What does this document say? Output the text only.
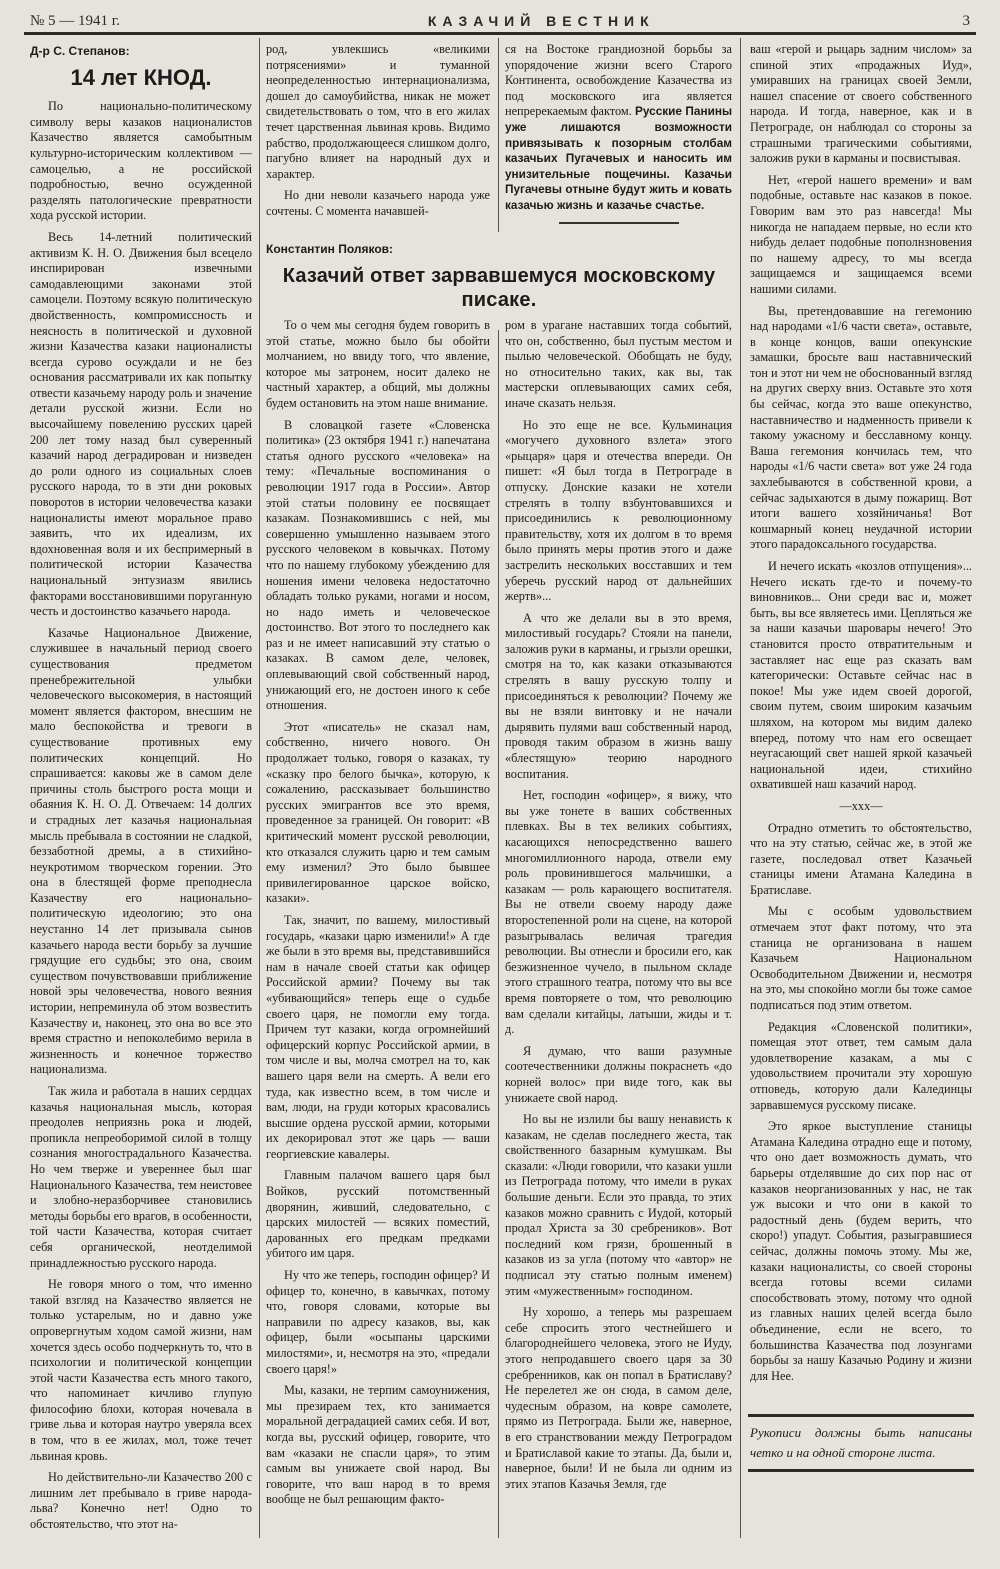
№ 5 — 1941 г.	КАЗАЧИЙ ВЕСТНИК	3
Д-р С. Степанов:
14 лет КНОД.

По национально-политическому символу веры казаков националистов Казачество является самобытным культурно-историческим коллективом — самоцелью, а не российской подробностью, вечно осужденной разделять патологические превратности хода русской истории.

Весь 14-летний политический активизм К. Н. О. Движения был всецело инспирирован извечными самодавлеющими законами этой самоцели. Поэтому всякую политическую двойственность, компромиссность и неясность в политической и духовной жизни Казачества казаки националисты всегда сурово осуждали и не без основания рассматривали их как попытку отвести казачьему народу роль и значение детали русской жизни. Если но высочайшему повелению русских царей 200 лет тому назад был суверенный казачий народ деградирован и низведен до роли одного из социальных слоев русского народа, то в эти дни роковых поворотов в истории человечества казаки националисты имеют моральное право заявить, что их идеализм, их вдохновенная воля и их беспримерный в политической истории Казачества национальный энтузиазм явились факторами восстановившими поруганную честь и достоинство казачьего народа.

Казачье Национальное Движение, служившее в начальный период своего существования предметом пренебрежительной улыбки человеческого высокомерия, в настоящий момент является фактором, внесшим не мало беспокойства и тревоги в существование противных ему политических концепций. Но спрашивается: каковы же в самом деле причины столь быстрого роста мощи и обаяния К. Н. О. Д. Отвечаем: 14 долгих и страдных лет казачья национальная мысль пребывала в состоянии не сладкой, беззаботной дремы, а в стихийно-неукротимом творческом горении. Это она в блестящей форме преподнесла Казачеству его национально-политическую идеологию; это она неустанно 14 лет призывала сынов казачьего народа вести борьбу за лучшие грядущие его судьбы; это она, своим существом почувствовавши приближение новой эры человечества, нового веяния истории, непреминула об этом возвестить Казачеству и, наконец, это она во все это время страстно и непоколебимо верила в жизненность и конечное торжество национализма.

Так жила и работала в наших сердцах казачья национальная мысль, которая преодолев неприязнь рока и людей, пропикла непреоборимой силой в толщу сознания многострадального Казачества. Но чем тверже и увереннее был шаг Национального Казачества, тем неистовее и злобно-неразборчивее становились методы борьбы его врагов, в особенности, той части Казачества, которая считает себя органической, неотделимой принадлежностью русского народа.

Не говоря много о том, что именно такой взгляд на Казачество является не только устарелым, но и давно уже опровергнутым ходом самой жизни, нам хочется здесь особо подчеркнуть то, что в психологии и политической концепции этой части Казачества есть много такого, что напоминает кичливо глупую философию блохи, которая ночевала в гриве льва и которая наутро уверяла всех в том, что в ее жилах, мол, тоже течет львиная кровь.

Но действительно-ли Казачество 200 с лишним лет пребывало в гриве народа-льва? Конечно нет! Одно то обстоятельство, что этот на-

род, увлекшись «великими потрясениями» и туманной неопределенностью интернационализма, дошел до самоубийства, никак не может свидетельствовать о том, что в его жилах течет царственная львиная кровь. Видимо рабство, продолжающееся слишком долго, пагубно влияет на народный дух и характер.

Но дни неволи казачьего народа уже сочтены. С момента начавшей-

ся на Востоке грандиозной борьбы за упорядочение жизни всего Старого Континента, освобождение Казачества из под московского ига является непререкаемым фактом. Русские Панины уже лишаются возможности привязывать к позорным столбам казачьих Пугачевых и наносить им унизительные пощечины. Казачьи Пугачевы отныне будут жить и ковать казачью жизнь и казачье счастье.

Константин Поляков:
Казачий ответ зарвавшемуся московскому писаке.

То о чем мы сегодня будем говорить в этой статье, можно было бы обойти молчанием, но ввиду того, что явление, которое мы затронем, носит далеко не частный характер, а общий, мы должны будем остановить на этом наше внимание.

В словацкой газете «Словенска политика» (23 октября 1941 г.) напечатана статья одного русского «человека» на тему: «Печальные воспоминания о революции 1917 года в России». Автор этой статьи половину ее посвящает казакам. Познакомившись с ней, мы совершенно умышленно называем этого русского человеком в ковычках. Потому что по нашему глубокому убеждению для ношения имени человека недостаточно обладать только руками, ногами и носом, но надо иметь и человеческое достоинство. Вот этого то последнего как раз и не имеет написавший эту статью о казаках. В самом деле, человек, оплевывающий свой собственный народ, унижающий его, не достоен иного к себе отношения.

Этот «писатель» не сказал нам, собственно, ничего нового. Он продолжает только, говоря о казаках, ту «сказку про белого бычка», которую, к сожалению, рассказывает большинство русских эмигрантов все это время, проведенное за границей. Он говорит: «В критический момент русской революции, кто отказался служить царю и тем самым ему изменил? Это было бывшее привилегированное царское войско, казаки».

Так, значит, по вашему, милостивый государь, «казаки царю изменили!» А где же были в это время вы, представившийся нам в начале своей статьи как офицер Российской армии? Почему вы так «убивающийся» теперь еще о судьбе своего царя, не помогли ему тогда. Причем тут казаки, когда огромнейший офицерский корпус Российской армии, в том числе и вы, молча смотрел на то, как вашего царя вели на смерть. А вели его туда, как известно всем, в том числе и вам, люди, на груди которых красовались высшие ордена русской армии, которыми их декорировал этот же царь — ваши георгиевские кавалеры.

Главным палачом вашего царя был Войков, русский потомственный дворянин, живший, следовательно, с царских милостей — всяких поместий, дарованных его предкам предками убитого им царя.

Ну что же теперь, господин офицер? И офицер то, конечно, в кавычках, потому что, говоря словами, которые вы направили по адресу казаков, вы, как офицер, были «осыпаны царскими милостями», и, несмотря на это, «предали своего царя!»

Мы, казаки, не терпим самоунижения, мы презираем тех, кто занимается моральной деградацией самих себя. И вот, когда вы, русский офицер, говорите, что вам «казаки не спасли царя», то этим самым вы унижаете свой народ. Вы говорите, что ваш народ в то время вообще не был решающим факто-

ром в урагане наставших тогда событий, что он, собственно, был пустым местом и пылью человеческой. Обобщать не буду, но относительно таких, как вы, так мастерски оплевывающих самих себя, иначе сказать нельзя.

Но это еще не все. Кульминация «могучего духовного взлета» этого «рыцаря» царя и отечества впереди. Он пишет: «Я был тогда в Петрограде в отпуску. Донские казаки не хотели стрелять в толпу взбунтовавшихся и присоединились к революционному правительству, хотя их долгом в то время было принять меры против этого и даже застрелить нескольких восставших и тем уберечь русский народ от дальнейших жертв»...

А что же делали вы в это время, милостивый государь? Стояли на панели, заложив руки в карманы, и грызли орешки, смотря на то, как казаки отказываются стрелять в вашу русскую толпу и присоединяться к революции? Почему же вы не взяли винтовку и не начали дырявить пулями ваш собственный народ, проводя таким образом в жизнь вашу «блестящую» теорию народного воспитания.

Нет, господин «офицер», я вижу, что вы уже тонете в ваших собственных плевках. Вы в тех великих событиях, касающихся непосредственно вашего многомиллионного народа, отвели ему роль провинившегося мальчишки, а казакам — роль карающего воспитателя. Вы не отвели своему народу даже второстепенной роли на сцене, на которой разыгрывалась величая трагедия революции. Вы отнесли и бросили его, как безжизненное чучело, в пыльном складе этого страшного театра, потому что вы все время повторяете о том, что революцию вам сделали китайцы, латыши, жиды и т. д.

Я думаю, что ваши разумные соотечественники должны покраснеть «до корней волос» при виде того, как вы унижаете свой народ.

Но вы не излили бы вашу ненависть к казакам, не сделав последнего жеста, так свойственного базарным кумушкам. Вы сказали: «Люди говорили, что казаки ушли из Петрограда потому, что имели в руках большие деньги. Если это правда, то этих казаков можно сравнить с Иудой, который продал Христа за 30 сребреников». Вот последний ком грязи, брошенный в казаков из за угла (потому что «автор» не подписал эту статью полным именем) этим «мужественным» господином.

Ну хорошо, а теперь мы разрешаем себе спросить этого честнейшего и благороднейшего человека, этого не Иуду, этого непродавшего своего царя за 30 сребренников, как он попал в Братиславу? Не перелетел же он сюда, в самом деле, чудесным образом, на ковре самолете, прямо из Петрограда. Были же, наверное, в его странствовании между Петроградом и Братиславой какие то этапы. Да, были и, наверное, были! И не была ли одним из этих этапов Казачья Земля, где

ваш «герой и рыцарь задним числом» за спиной этих «продажных Иуд», умиравших на границах своей Земли, нашел спасение от своего собственного народа. И тогда, наверное, как и в Петрограде, он наблюдал со стороны за страшными трагическими событиями, заложив руки в карманы и посвистывая.

Нет, «герой нашего времени» и вам подобные, оставьте нас казаков в покое. Говорим вам это раз навсегда! Мы никогда не нападаем первые, но если кто нибудь делает подобные пополнзновения по нашему адресу, то мы всегда защищаемся и защищаемся всеми нашими силами.

Вы, претендовавшие на гегемонию над народами «1/6 части света», оставьте, в конце концов, ваши опекунские замашки, бросьте ваш наставнический тон и этот ни чем не обоснованный взгляд на других сверху вниз. Оставьте это хотя бы сейчас, когда это ваше опекунство, наставничество и надменность привели к такому ужасному и бесславному концу. Ваша гегемония кончилась тем, что народы «1/6 части света» вот уже 24 года захлебываются в собственной крови, а сейчас задыхаются в дыму пожарищ. Вот итоги вашего хозяйничанья! Вот кошмарный конец неудачной истории этого парадоксального государства.

И нечего искать «козлов отпущения»... Нечего искать где-то и почему-то виновников... Они среди вас и, может быть, вы все являетесь ими. Цепляться же за наши казачьи шаровары нечего! Это становится просто отвратительным и заставляет нас еще раз сказать вам категорически: Оставьте сейчас нас в покое! Мы уже идем своей дорогой, своим путем, своим широким казачьим шляхом, на котором мы видим далеко вперед, потому что нам его освещает неугасающий свет нашей яркой казачьей национальной идеи, стихийно охватившей наш казачий народ.

—xxx—

Отрадно отметить то обстоятельство, что на эту статью, сейчас же, в этой же газете, последовал ответ Казачьей станицы имени Атамана Каледина в Братиславе.

Мы с особым удовольствием отмечаем этот факт потому, что эта станица не организована в нашем Казачьем Национальном Освободительном Движении и, несмотря на это, мы спокойно могли бы тоже самое подписаться под этим ответом.

Редакция «Словенской политики», помещая этот ответ, тем самым дала удовлетворение казакам, а мы с удовольствием прочитали эту хорошую отповедь, которую дали Калединцы зарвавшемуся русскому писаке.

Это яркое выступление станицы Атамана Каледина отрадно еще и потому, что оно дает возможность думать, что барьеры отделявшие до сих пор нас от казаков неорганизованных у нас, не так уж высоки и что они в какой то радостный день (будем верить, что скоро!) упадут. События, разыгравшиеся сейчас, должны помочь этому. Мы же, казаки националисты, со своей стороны всегда готовы всеми силами способствовать этому, потому что одной из главных наших целей всегда было объединение, если не всего, то большинства Казачества под лозунгами борьбы за нашу Казачью Родину и жизни для Нее.

Рукописи должны быть написаны четко и на одной стороне листа.
